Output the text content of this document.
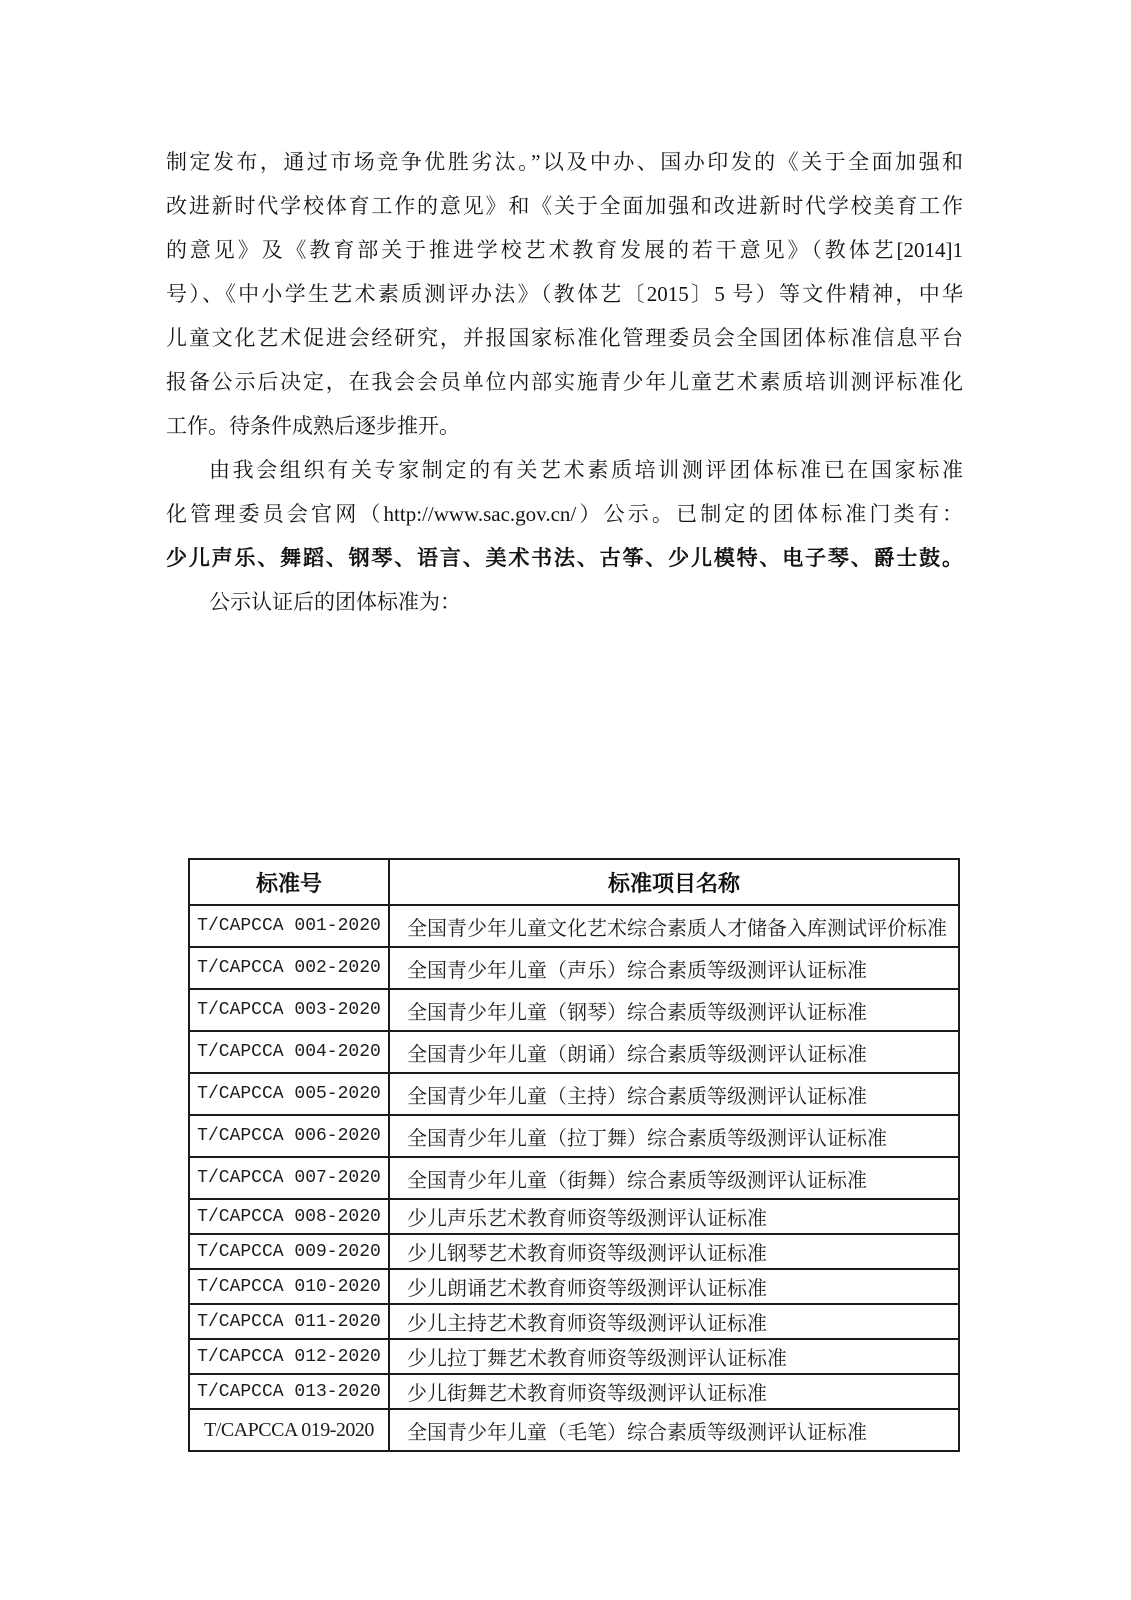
制定发布，通过市场竞争优胜劣汰。”以及中办、国办印发的《关于全面加强和
改进新时代学校体育工作的意见》和《关于全面加强和改进新时代学校美育工作
的意见》及《教育部关于推进学校艺术教育发展的若干意见》（教体艺[2014]1
号）、《中小学生艺术素质测评办法》（教体艺〔2015〕5 号）等文件精神，中华
儿童文化艺术促进会经研究，并报国家标准化管理委员会全国团体标准信息平台
报备公示后决定，在我会会员单位内部实施青少年儿童艺术素质培训测评标准化
工作。待条件成熟后逐步推开。
由我会组织有关专家制定的有关艺术素质培训测评团体标准已在国家标准
化管理委员会官网（http://www.sac.gov.cn/）公示。已制定的团体标准门类有：
少儿声乐、舞蹈、钢琴、语言、美术书法、古筝、少儿模特、电子琴、爵士鼓。
公示认证后的团体标准为：
标准号	标准项目名称
T/CAPCCA 001-2020	全国青少年儿童文化艺术综合素质人才储备入库测试评价标准
T/CAPCCA 002-2020	全国青少年儿童（声乐）综合素质等级测评认证标准
T/CAPCCA 003-2020	全国青少年儿童（钢琴）综合素质等级测评认证标准
T/CAPCCA 004-2020	全国青少年儿童（朗诵）综合素质等级测评认证标准
T/CAPCCA 005-2020	全国青少年儿童（主持）综合素质等级测评认证标准
T/CAPCCA 006-2020	全国青少年儿童（拉丁舞）综合素质等级测评认证标准
T/CAPCCA 007-2020	全国青少年儿童（街舞）综合素质等级测评认证标准
T/CAPCCA 008-2020	少儿声乐艺术教育师资等级测评认证标准
T/CAPCCA 009-2020	少儿钢琴艺术教育师资等级测评认证标准
T/CAPCCA 010-2020	少儿朗诵艺术教育师资等级测评认证标准
T/CAPCCA 011-2020	少儿主持艺术教育师资等级测评认证标准
T/CAPCCA 012-2020	少儿拉丁舞艺术教育师资等级测评认证标准
T/CAPCCA 013-2020	少儿街舞艺术教育师资等级测评认证标准
T/CAPCCA 019-2020	全国青少年儿童（毛笔）综合素质等级测评认证标准
